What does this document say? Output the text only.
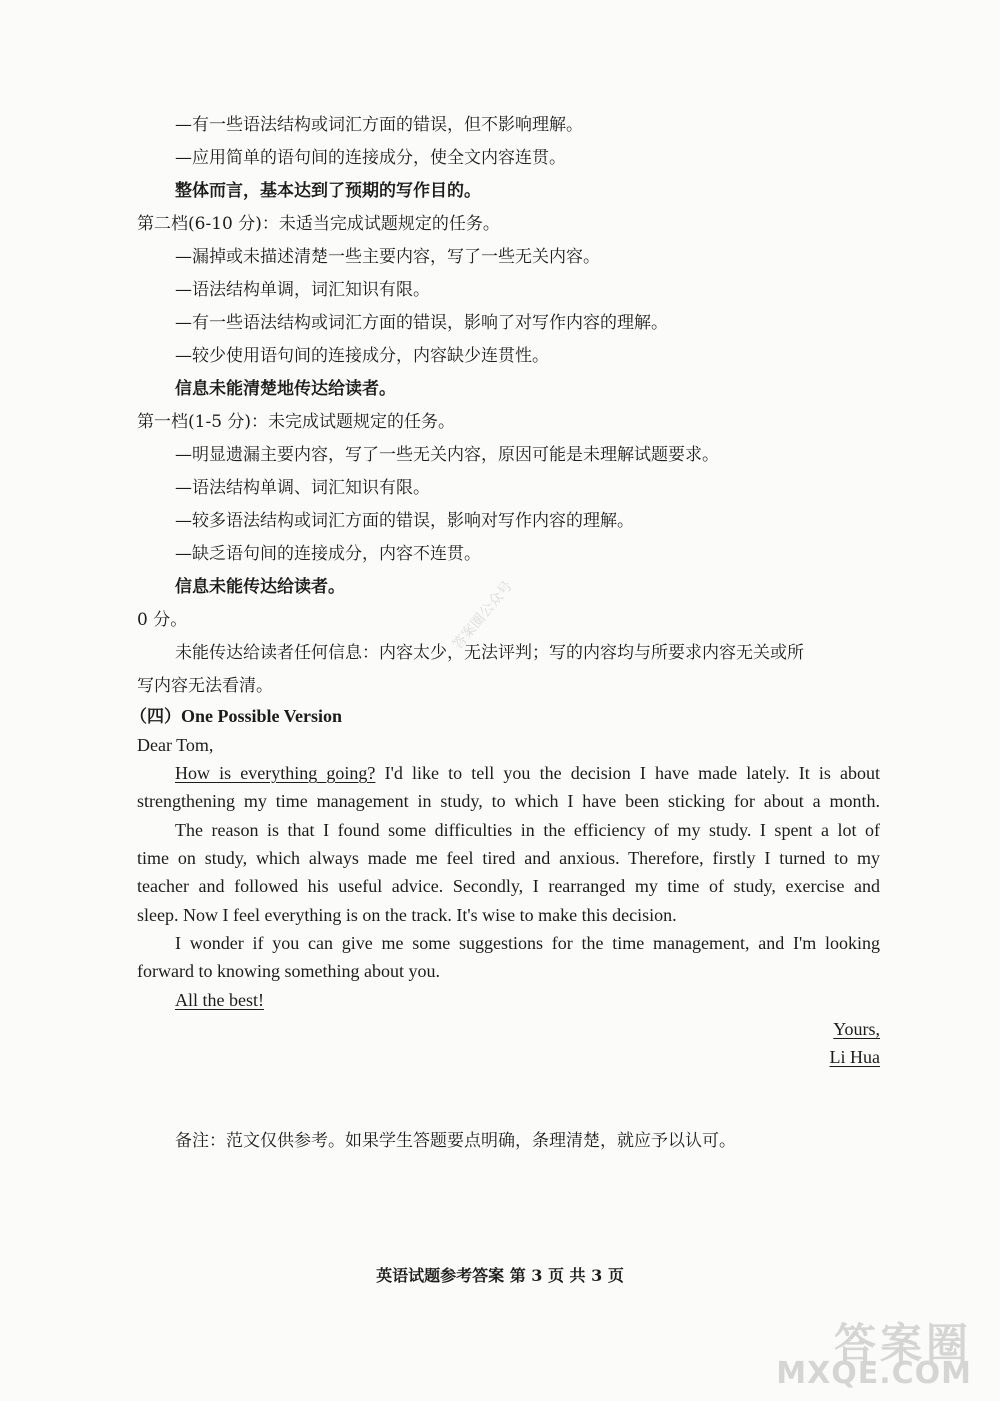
—有一些语法结构或词汇方面的错误，但不影响理解。
—应用简单的语句间的连接成分，使全文内容连贯。
整体而言，基本达到了预期的写作目的。
第二档(6-10 分)：未适当完成试题规定的任务。
—漏掉或未描述清楚一些主要内容，写了一些无关内容。
—语法结构单调，词汇知识有限。
—有一些语法结构或词汇方面的错误，影响了对写作内容的理解。
—较少使用语句间的连接成分，内容缺少连贯性。
信息未能清楚地传达给读者。
第一档(1-5 分)：未完成试题规定的任务。
—明显遗漏主要内容，写了一些无关内容，原因可能是未理解试题要求。
—语法结构单调、词汇知识有限。
—较多语法结构或词汇方面的错误，影响对写作内容的理解。
—缺乏语句间的连接成分，内容不连贯。
信息未能传达给读者。
0 分。
未能传达给读者任何信息：内容太少，无法评判；写的内容均与所要求内容无关或所
写内容无法看清。
（四）One Possible Version
Dear Tom,
How is everything going? I'd like to tell you the decision I have made lately. It is about
strengthening my time management in study, to which I have been sticking for about a month.
The reason is that I found some difficulties in the efficiency of my study. I spent a lot of
time on study, which always made me feel tired and anxious. Therefore, firstly I turned to my
teacher and followed his useful advice. Secondly, I rearranged my time of study, exercise and
sleep. Now I feel everything is on the track. It's wise to make this decision.
I wonder if you can give me some suggestions for the time management, and I'm looking
forward to knowing something about you.
All the best!
Yours,
Li Hua
备注：范文仅供参考。如果学生答题要点明确，条理清楚，就应予以认可。
英语试题参考答案 第 3 页 共 3 页
答案圈公众号
答案圈
MXQE.COM
